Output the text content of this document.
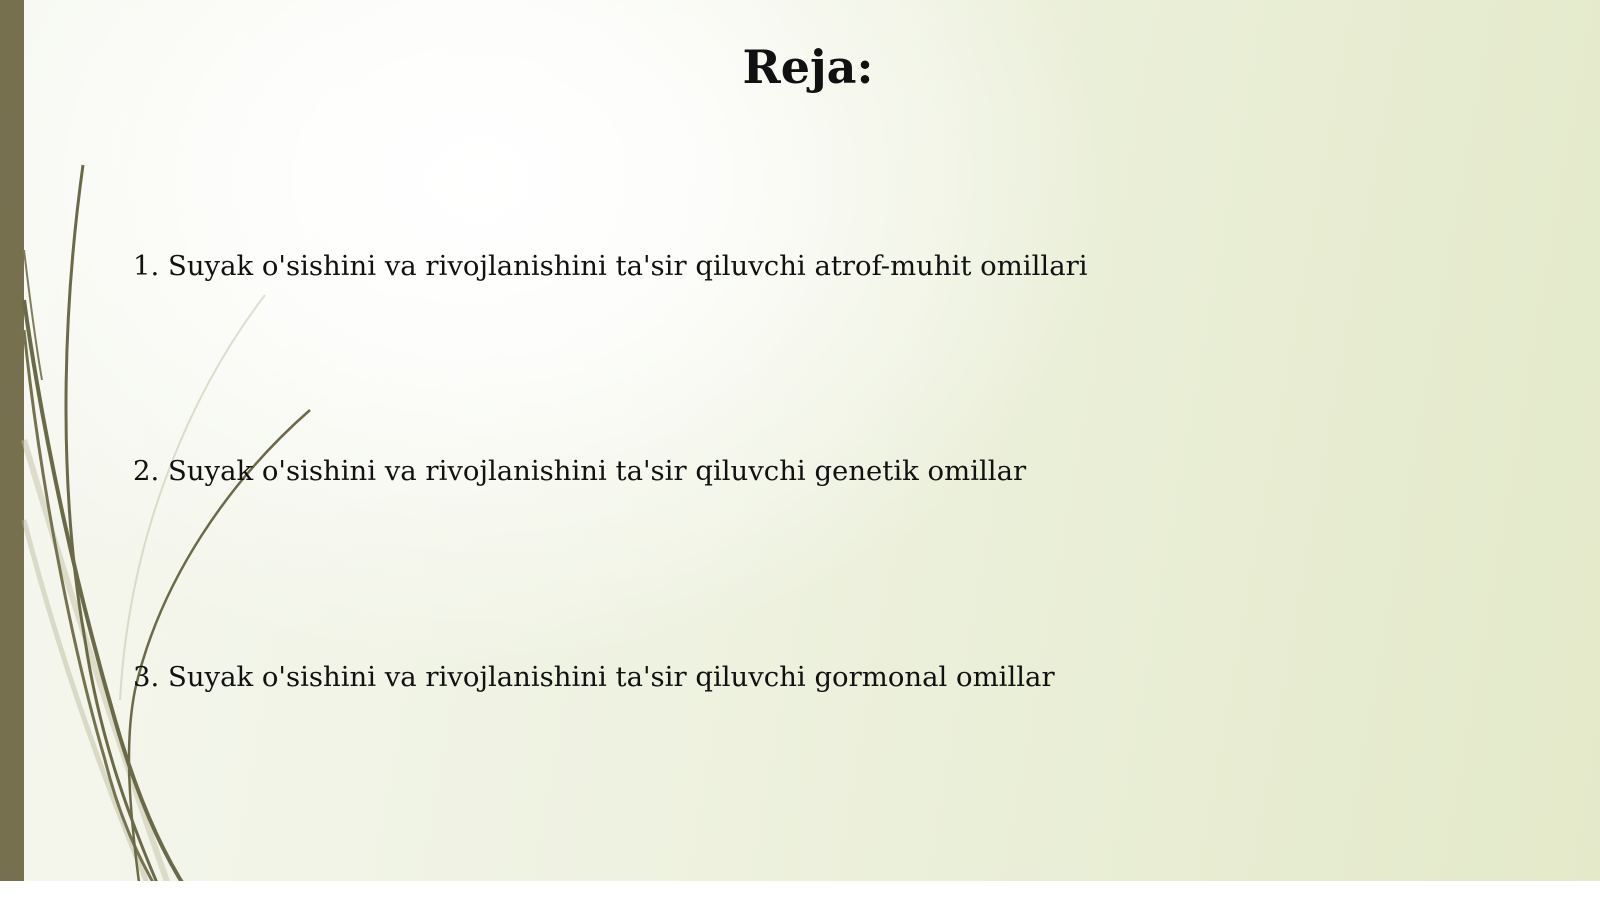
Reja:
1. Suyak o'sishini va rivojlanishini ta'sir qiluvchi atrof-muhit omillari
2. Suyak o'sishini va rivojlanishini ta'sir qiluvchi genetik omillar
3. Suyak o'sishini va rivojlanishini ta'sir qiluvchi gormonal omillar
